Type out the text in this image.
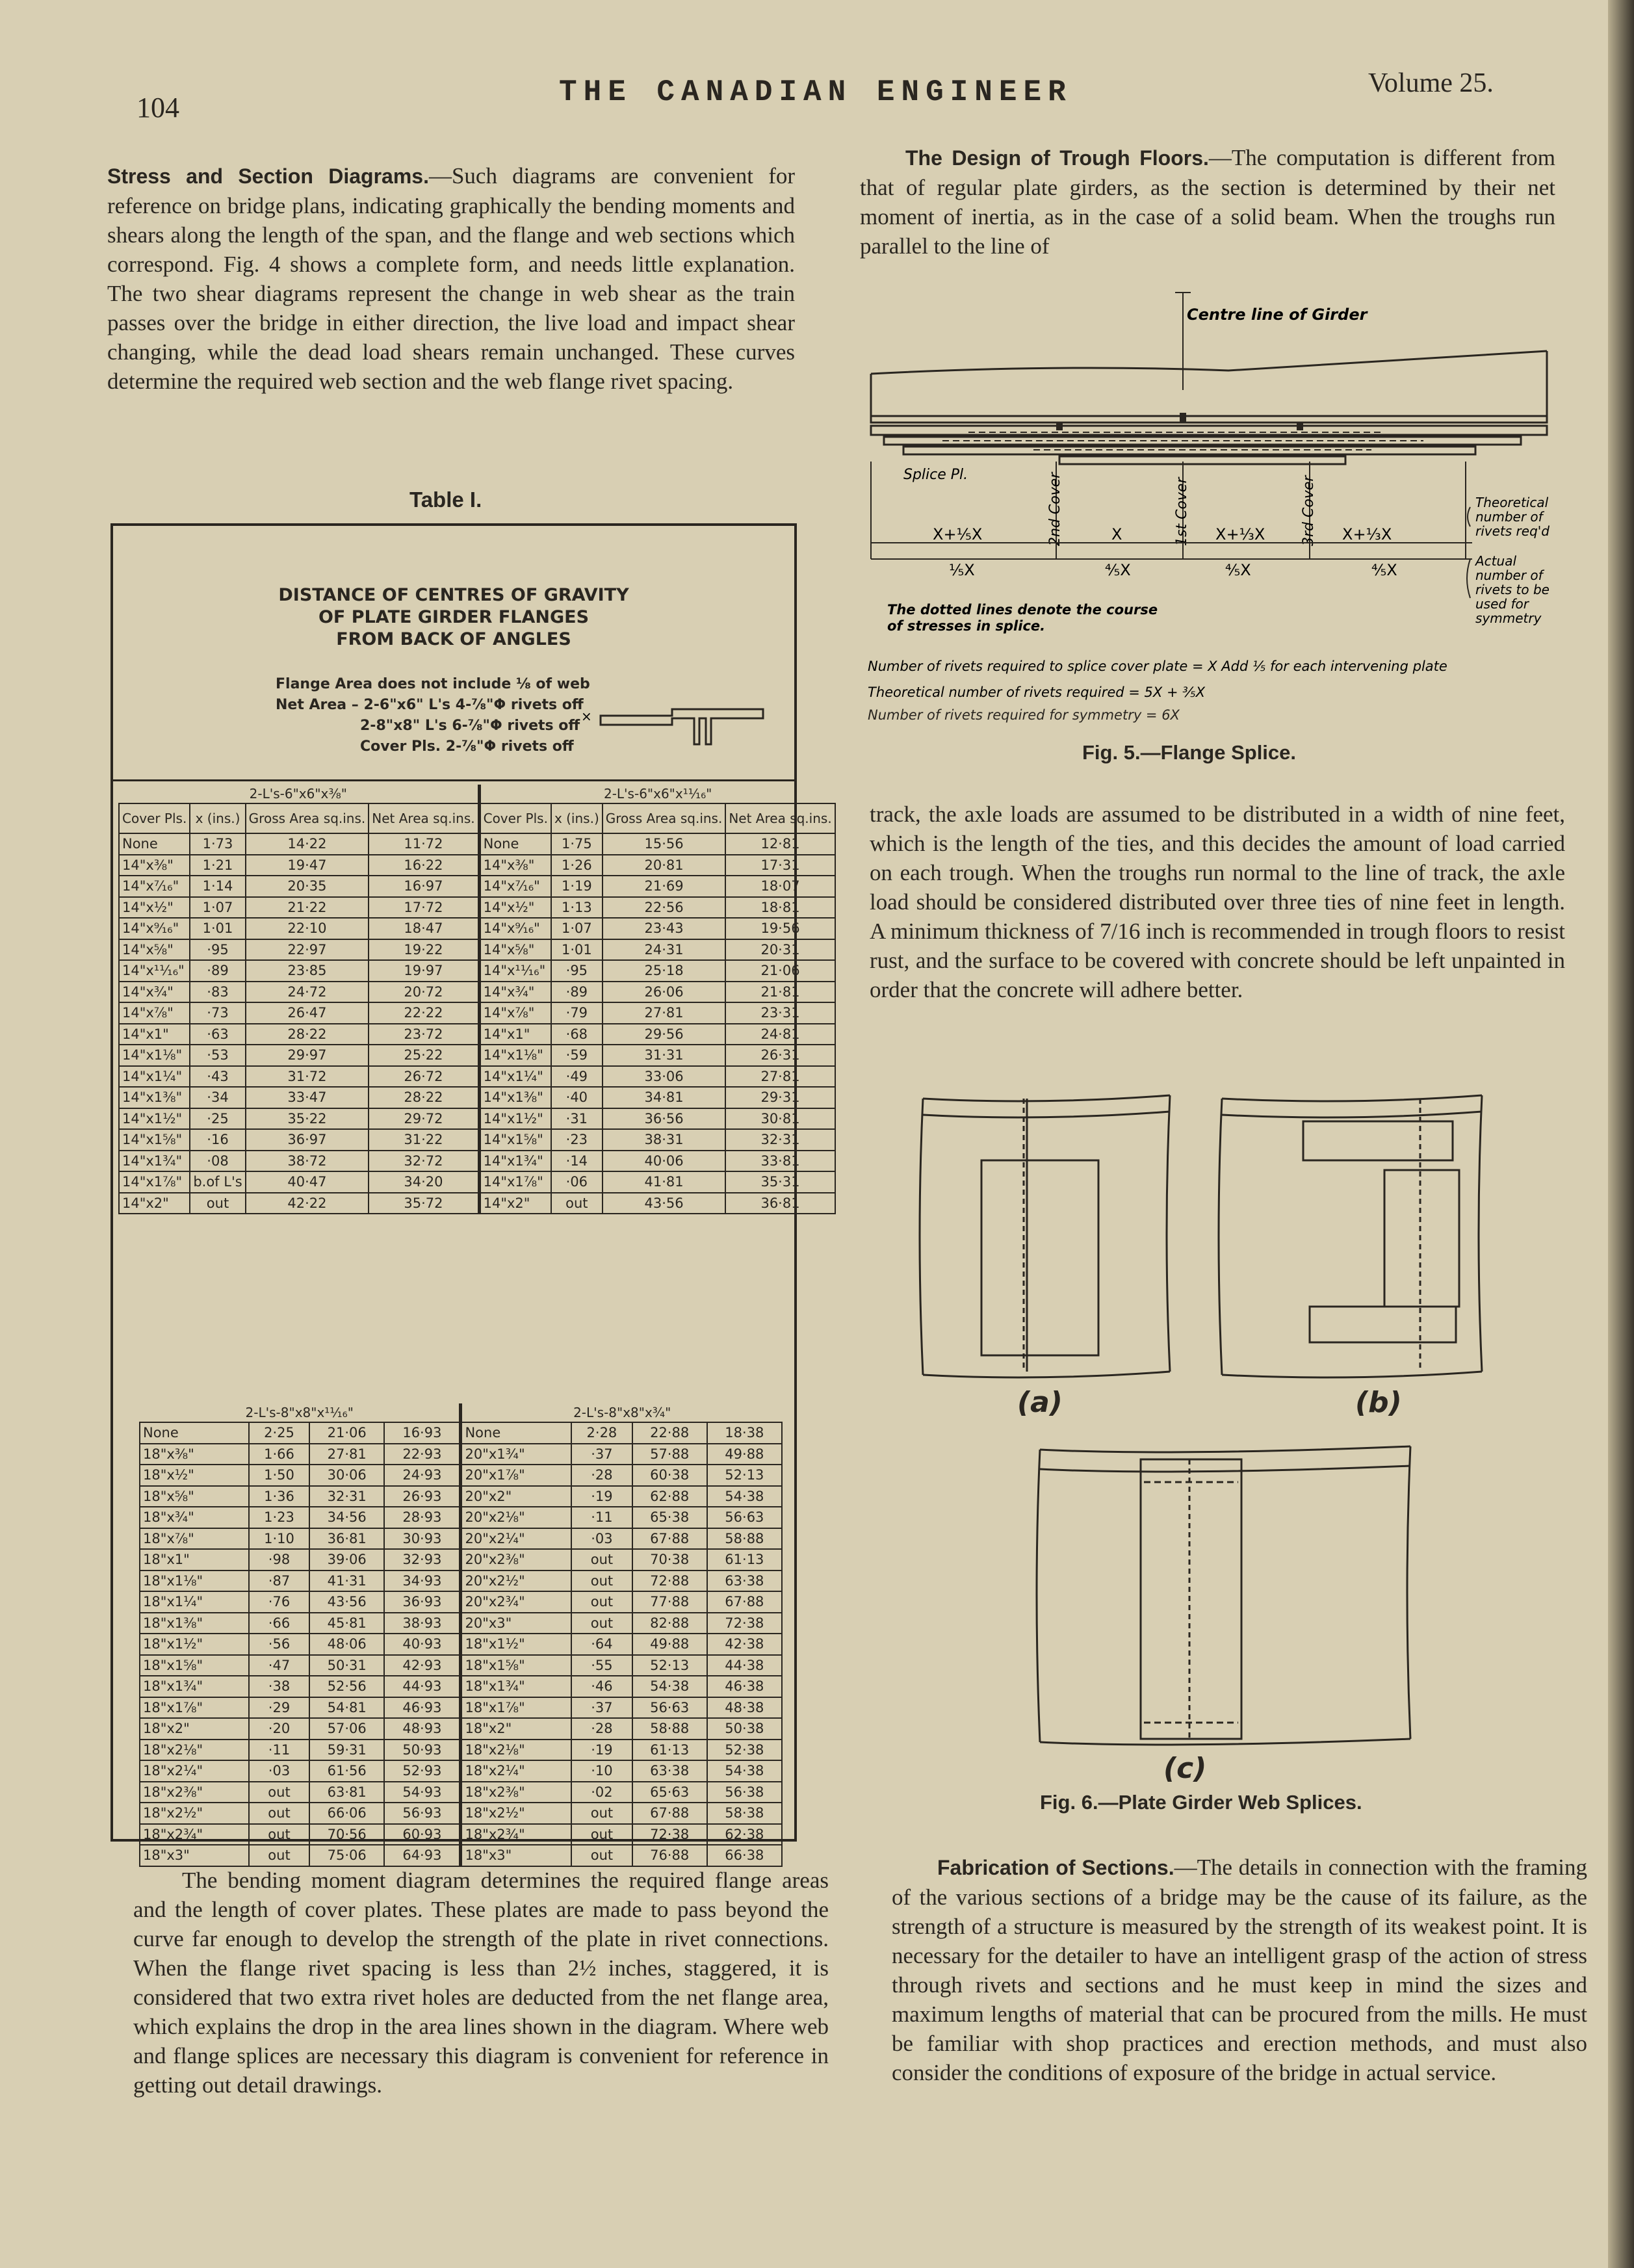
104	THE CANADIAN ENGINEER	Volume 25.

Stress and Section Diagrams.—Such diagrams are convenient for reference on bridge plans, indicating graphically the bending moments and shears along the length of the span, and the flange and web sections which correspond. Fig. 4 shows a complete form, and needs little explanation. The two shear diagrams represent the change in web shear as the train passes over the bridge in either direction, the live load and impact shear changing, while the dead load shears remain unchanged. These curves determine the required web section and the web flange rivet spacing.

Table I.
DISTANCE OF CENTRES OF GRAVITY
OF PLATE GIRDER FLANGES
FROM BACK OF ANGLES
Flange Area does not include ⅛ of web
Net Area – 2-6"x6" L's 4-⅞"Φ rivets off
2-8"x8" L's 6-⅞"Φ rivets off
Cover Pls. 2-⅞"Φ rivets off
×
2-L's-6"x6"x⅜"				2-L's-6"x6"x¹¹⁄₁₆"			
Cover Pls.	x (ins.)	Gross Area sq.ins.	Net Area sq.ins.	Cover Pls.	x (ins.)	Gross Area sq.ins.	Net Area sq.ins.
None	1·73	14·22	11·72	None	1·75	15·56	12·81
14"x⅜"	1·21	19·47	16·22	14"x⅜"	1·26	20·81	17·31
14"x⁷⁄₁₆"	1·14	20·35	16·97	14"x⁷⁄₁₆"	1·19	21·69	18·07
14"x½"	1·07	21·22	17·72	14"x½"	1·13	22·56	18·81
14"x⁹⁄₁₆"	1·01	22·10	18·47	14"x⁹⁄₁₆"	1·07	23·43	19·56
14"x⅝"	·95	22·97	19·22	14"x⅝"	1·01	24·31	20·31
14"x¹¹⁄₁₆"	·89	23·85	19·97	14"x¹¹⁄₁₆"	·95	25·18	21·06
14"x¾"	·83	24·72	20·72	14"x¾"	·89	26·06	21·81
14"x⅞"	·73	26·47	22·22	14"x⅞"	·79	27·81	23·31
14"x1"	·63	28·22	23·72	14"x1"	·68	29·56	24·81
14"x1⅛"	·53	29·97	25·22	14"x1⅛"	·59	31·31	26·31
14"x1¼"	·43	31·72	26·72	14"x1¼"	·49	33·06	27·81
14"x1⅜"	·34	33·47	28·22	14"x1⅜"	·40	34·81	29·31
14"x1½"	·25	35·22	29·72	14"x1½"	·31	36·56	30·81
14"x1⅝"	·16	36·97	31·22	14"x1⅝"	·23	38·31	32·31
14"x1¾"	·08	38·72	32·72	14"x1¾"	·14	40·06	33·81
14"x1⅞"	b.of L's	40·47	34·20	14"x1⅞"	·06	41·81	35·31
14"x2"	out	42·22	35·72	14"x2"	out	43·56	36·81
2-L's-8"x8"x¹¹⁄₁₆"				2-L's-8"x8"x¾"			
None	2·25	21·06	16·93	None	2·28	22·88	18·38
18"x⅜"	1·66	27·81	22·93	20"x1¾"	·37	57·88	49·88
18"x½"	1·50	30·06	24·93	20"x1⅞"	·28	60·38	52·13
18"x⅝"	1·36	32·31	26·93	20"x2"	·19	62·88	54·38
18"x¾"	1·23	34·56	28·93	20"x2⅛"	·11	65·38	56·63
18"x⅞"	1·10	36·81	30·93	20"x2¼"	·03	67·88	58·88
18"x1"	·98	39·06	32·93	20"x2⅜"	out	70·38	61·13
18"x1⅛"	·87	41·31	34·93	20"x2½"	out	72·88	63·38
18"x1¼"	·76	43·56	36·93	20"x2¾"	out	77·88	67·88
18"x1⅜"	·66	45·81	38·93	20"x3"	out	82·88	72·38
18"x1½"	·56	48·06	40·93	18"x1½"	·64	49·88	42·38
18"x1⅝"	·47	50·31	42·93	18"x1⅝"	·55	52·13	44·38
18"x1¾"	·38	52·56	44·93	18"x1¾"	·46	54·38	46·38
18"x1⅞"	·29	54·81	46·93	18"x1⅞"	·37	56·63	48·38
18"x2"	·20	57·06	48·93	18"x2"	·28	58·88	50·38
18"x2⅛"	·11	59·31	50·93	18"x2⅛"	·19	61·13	52·38
18"x2¼"	·03	61·56	52·93	18"x2¼"	·10	63·38	54·38
18"x2⅜"	out	63·81	54·93	18"x2⅜"	·02	65·63	56·38
18"x2½"	out	66·06	56·93	18"x2½"	out	67·88	58·38
18"x2¾"	out	70·56	60·93	18"x2¾"	out	72·38	62·38
18"x3"	out	75·06	64·93	18"x3"	out	76·88	66·38

The bending moment diagram determines the required flange areas and the length of cover plates. These plates are made to pass beyond the curve far enough to develop the strength of the plate in rivet connections. When the flange rivet spacing is less than 2½ inches, staggered, it is considered that two extra rivet holes are deducted from the net flange area, which explains the drop in the area lines shown in the diagram. Where web and flange splices are necessary this diagram is convenient for reference in getting out detail drawings.

The Design of Trough Floors.—The computation is different from that of regular plate girders, as the section is determined by their net moment of inertia, as in the case of a solid beam. When the troughs run parallel to the line of

Centre line of Girder
Splice Pl.	2nd Cover	1st Cover	3rd Cover
X+⅕X	X	X+⅓X	X+⅓X
⅕X	⅘X	⅘X	⅘X
Theoretical
number of
rivets req'd
Actual
number of
rivets to be
used for
symmetry
The dotted lines denote the course
of stresses in splice.
Number of rivets required to splice cover plate = X Add ⅕ for each intervening plate
Theoretical number of rivets required = 5X + ⅗X
Number of rivets required for symmetry = 6X
Fig. 5.—Flange Splice.

track, the axle loads are assumed to be distributed in a width of nine feet, which is the length of the ties, and this decides the amount of load carried on each trough. When the troughs run normal to the line of track, the axle load should be considered distributed over three ties of nine feet in length. A minimum thickness of 7/16 inch is recommended in trough floors to resist rust, and the surface to be covered with concrete should be left unpainted in order that the concrete will adhere better.

(a)	(b)
(c)
Fig. 6.—Plate Girder Web Splices.

Fabrication of Sections.—The details in connection with the framing of the various sections of a bridge may be the cause of its failure, as the strength of a structure is measured by the strength of its weakest point. It is necessary for the detailer to have an intelligent grasp of the action of stress through rivets and sections and he must keep in mind the sizes and maximum lengths of material that can be procured from the mills. He must be familiar with shop practices and erection methods, and must also consider the conditions of exposure of the bridge in actual service.
